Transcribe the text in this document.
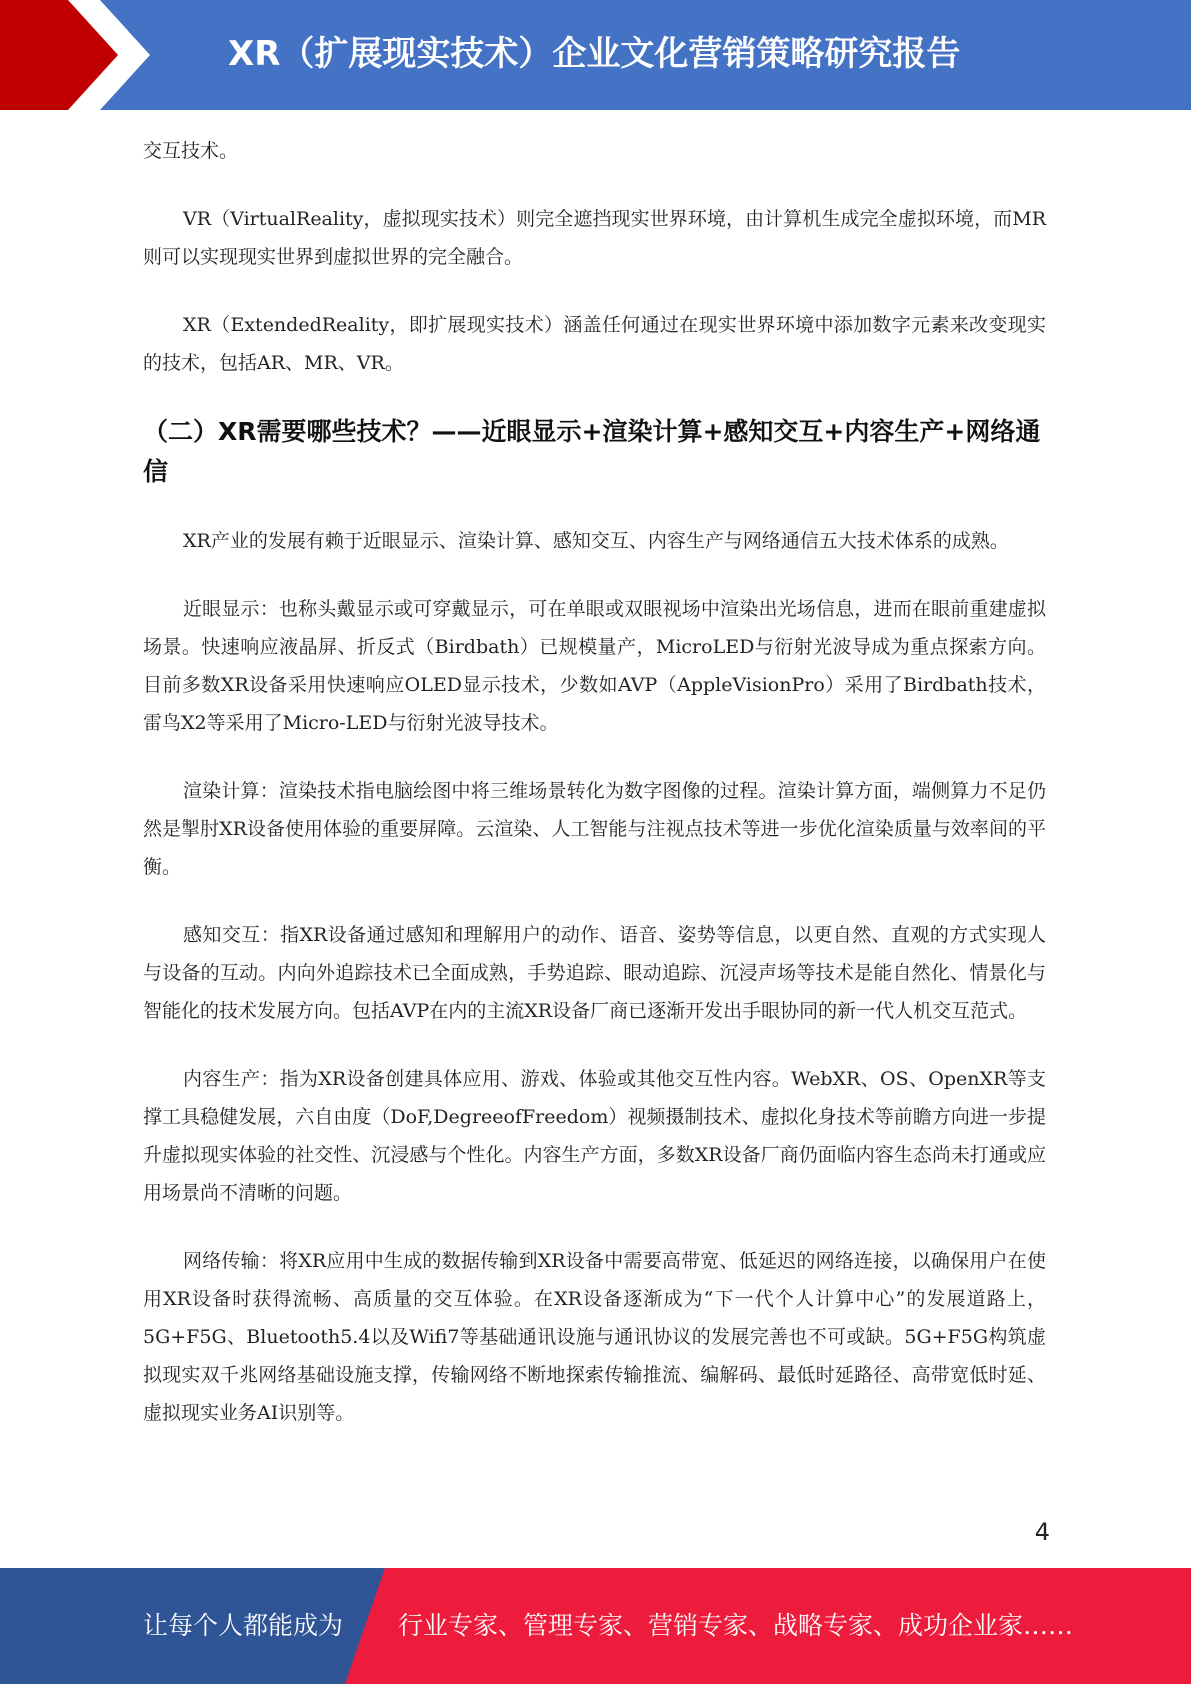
XR（扩展现实技术）企业文化营销策略研究报告

交互技术。

VR（VirtualReality，虚拟现实技术）则完全遮挡现实世界环境，由计算机生成完全虚拟环境，而MR则可以实现现实世界到虚拟世界的完全融合。

XR（ExtendedReality，即扩展现实技术）涵盖任何通过在现实世界环境中添加数字元素来改变现实的技术，包括AR、MR、VR。

（二）XR需要哪些技术？——近眼显示+渲染计算+感知交互+内容生产+网络通信

XR产业的发展有赖于近眼显示、渲染计算、感知交互、内容生产与网络通信五大技术体系的成熟。

近眼显示：也称头戴显示或可穿戴显示，可在单眼或双眼视场中渲染出光场信息，进而在眼前重建虚拟场景。快速响应液晶屏、折反式（Birdbath）已规模量产，MicroLED与衍射光波导成为重点探索方向。目前多数XR设备采用快速响应OLED显示技术，少数如AVP（AppleVisionPro）采用了Birdbath技术，雷鸟X2等采用了Micro-LED与衍射光波导技术。

渲染计算：渲染技术指电脑绘图中将三维场景转化为数字图像的过程。渲染计算方面，端侧算力不足仍然是掣肘XR设备使用体验的重要屏障。云渲染、人工智能与注视点技术等进一步优化渲染质量与效率间的平衡。

感知交互：指XR设备通过感知和理解用户的动作、语音、姿势等信息，以更自然、直观的方式实现人与设备的互动。内向外追踪技术已全面成熟，手势追踪、眼动追踪、沉浸声场等技术是能自然化、情景化与智能化的技术发展方向。包括AVP在内的主流XR设备厂商已逐渐开发出手眼协同的新一代人机交互范式。

内容生产：指为XR设备创建具体应用、游戏、体验或其他交互性内容。WebXR、OS、OpenXR等支撑工具稳健发展，六自由度（DoF,DegreeofFreedom）视频摄制技术、虚拟化身技术等前瞻方向进一步提升虚拟现实体验的社交性、沉浸感与个性化。内容生产方面，多数XR设备厂商仍面临内容生态尚未打通或应用场景尚不清晰的问题。

网络传输：将XR应用中生成的数据传输到XR设备中需要高带宽、低延迟的网络连接，以确保用户在使用XR设备时获得流畅、高质量的交互体验。在XR设备逐渐成为“下一代个人计算中心”的发展道路上，5G+F5G、Bluetooth5.4以及Wifi7等基础通讯设施与通讯协议的发展完善也不可或缺。5G+F5G构筑虚拟现实双千兆网络基础设施支撑，传输网络不断地探索传输推流、编解码、最低时延路径、高带宽低时延、虚拟现实业务AI识别等。

4
让每个人都能成为 行业专家、管理专家、营销专家、战略专家、成功企业家……
